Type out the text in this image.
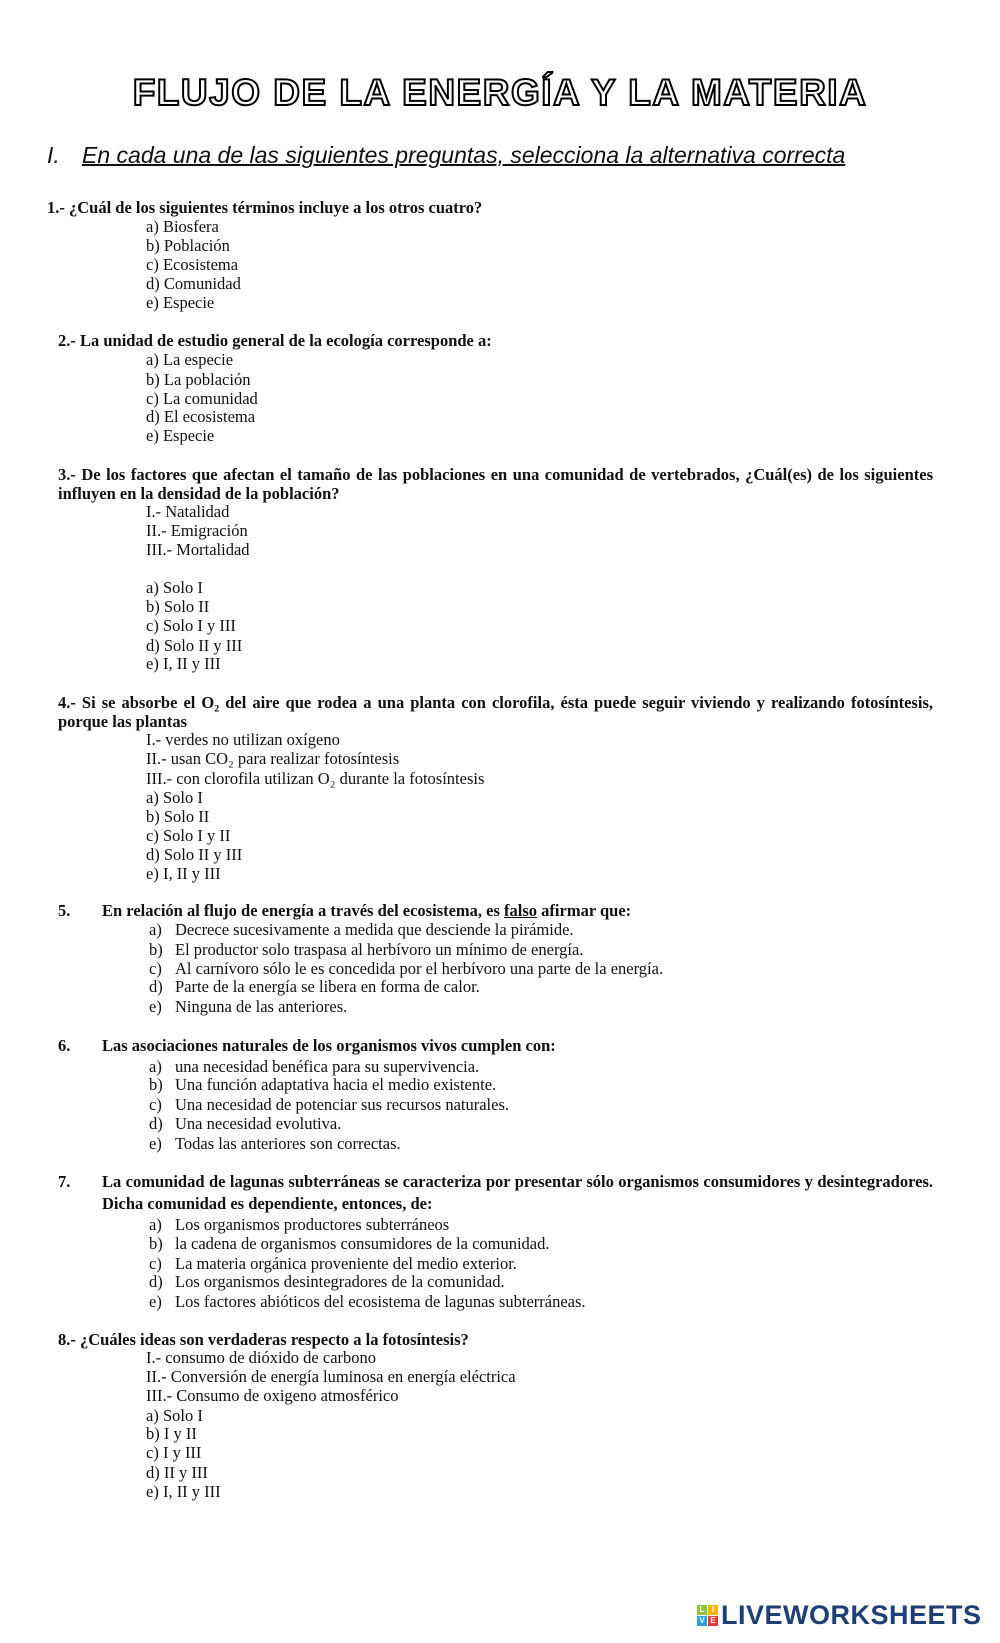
FLUJO DE LA ENERGÍA Y LA MATERIA
I. En cada una de las siguientes preguntas, selecciona la alternativa correcta
1.- ¿Cuál de los siguientes términos incluye a los otros cuatro?
a) Biosfera
b) Población
c) Ecosistema
d) Comunidad
e) Especie
2.- La unidad de estudio general de la ecología corresponde a:
a) La especie
b) La población
c) La comunidad
d) El ecosistema
e) Especie
3.- De los factores que afectan el tamaño de las poblaciones en una comunidad de vertebrados, ¿Cuál(es) de los siguientes influyen en la densidad de la población?
I.- Natalidad
II.- Emigración
III.- Mortalidad
a) Solo I
b) Solo II
c) Solo I y III
d) Solo II y III
e) I, II y III
4.- Si se absorbe el O₂ del aire que rodea a una planta con clorofila, ésta puede seguir viviendo y realizando fotosíntesis, porque las plantas
I.- verdes no utilizan oxígeno
II.- usan CO₂ para realizar fotosíntesis
III.- con clorofila utilizan O₂ durante la fotosíntesis
a) Solo I
b) Solo II
c) Solo I y II
d) Solo II y III
e) I, II y III
5. En relación al flujo de energía a través del ecosistema, es falso afirmar que:
a) Decrece sucesivamente a medida que desciende la pirámide.
b) El productor solo traspasa al herbívoro un mínimo de energía.
c) Al carnívoro sólo le es concedida por el herbívoro una parte de la energía.
d) Parte de la energía se libera en forma de calor.
e) Ninguna de las anteriores.
6. Las asociaciones naturales de los organismos vivos cumplen con:
a) una necesidad benéfica para su supervivencia.
b) Una función adaptativa hacia el medio existente.
c) Una necesidad de potenciar sus recursos naturales.
d) Una necesidad evolutiva.
e) Todas las anteriores son correctas.
7. La comunidad de lagunas subterráneas se caracteriza por presentar sólo organismos consumidores y desintegradores. Dicha comunidad es dependiente, entonces, de:
a) Los organismos productores subterráneos
b) la cadena de organismos consumidores de la comunidad.
c) La materia orgánica proveniente del medio exterior.
d) Los organismos desintegradores de la comunidad.
e) Los factores abióticos del ecosistema de lagunas subterráneas.
8.- ¿Cuáles ideas son verdaderas respecto a la fotosíntesis?
I.- consumo de dióxido de carbono
II.- Conversión de energía luminosa en energía eléctrica
III.- Consumo de oxigeno atmosférico
a) Solo I
b) I y II
c) I y III
d) II y III
e) I, II y III
L I
V E LIVEWORKSHEETS
